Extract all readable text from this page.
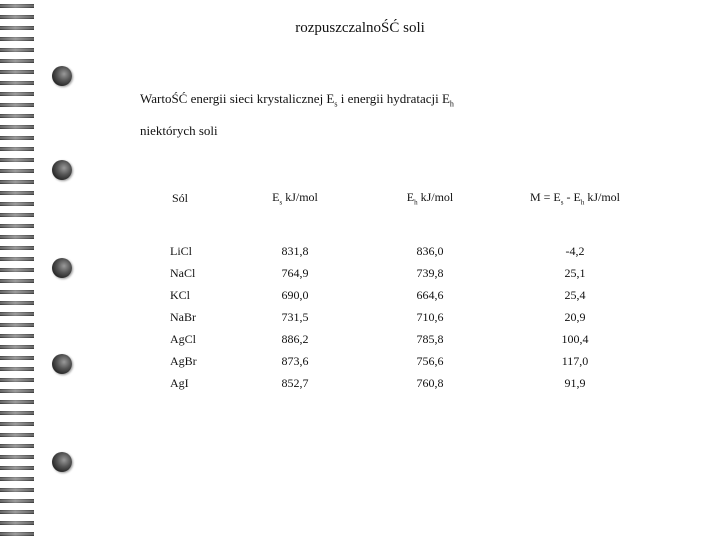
rozpuszczalnoŚĆ soli
WartoŚĆ energii sieci krystalicznej $E_s$ i energii hydratacji $E_h$
niektórych soli
Sól	$E_s$ kJ/mol	$E_h$ kJ/mol	$M = E_s - E_h$ kJ/mol

LiCl	831,8	836,0	-4,2
NaCl	764,9	739,8	25,1
KCl	690,0	664,6	25,4
NaBr	731,5	710,6	20,9
AgCl	886,2	785,8	100,4
AgBr	873,6	756,6	117,0
AgI	852,7	760,8	91,9
